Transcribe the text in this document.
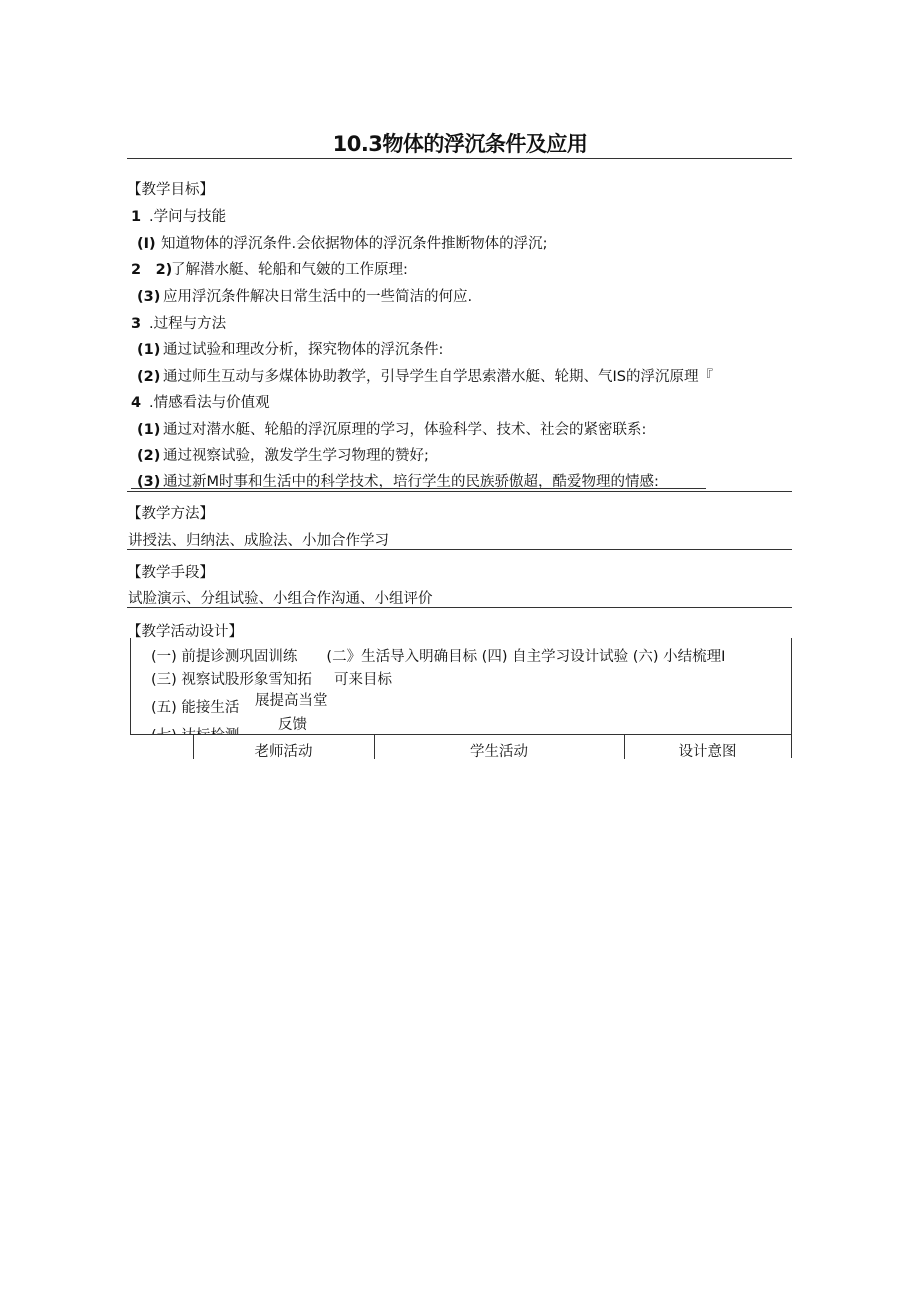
10.3物体的浮沉条件及应用
【教学目标】
1 .学问与技能
(I) 知道物体的浮沉条件.会依据物体的浮沉条件推断物体的浮沉;
2　2)了解潜水艇、轮船和气皴的工作原理:
(3) 应用浮沉条件解决日常生活中的一些简洁的何应.
3 .过程与方法
(1) 通过试验和理改分析，探究物体的浮沉条件:
(2) 通过师生互动与多煤体协助教学，引导学生自学思索潜水艇、轮期、气IS的浮沉原理『
4 .情感看法与价值观
(1) 通过对潜水艇、轮船的浮沉原理的学习，体验科学、技术、社会的紧密联系:
(2) 通过视察试验，激发学生学习物理的赞好;
(3) 通过新M时事和生活中的科学技术，培行学生的民族骄傲超，酷爱物理的情感:
【教学方法】
讲授法、归纳法、成脸法、小加合作学习
【教学手段】
试脸演示、分组试验、小组合作沟通、小组评价
【教学活动设计】
(一) 前提诊测巩固训练　　(二》生活导入明确目标 (四) 自主学习设计试验 (六) 小结梳理I
(三) 视察试股形象雪知拓 可来目标
(五) 能接生活 展提高当堂
反馈
老师活动	学生活动	设计意图
